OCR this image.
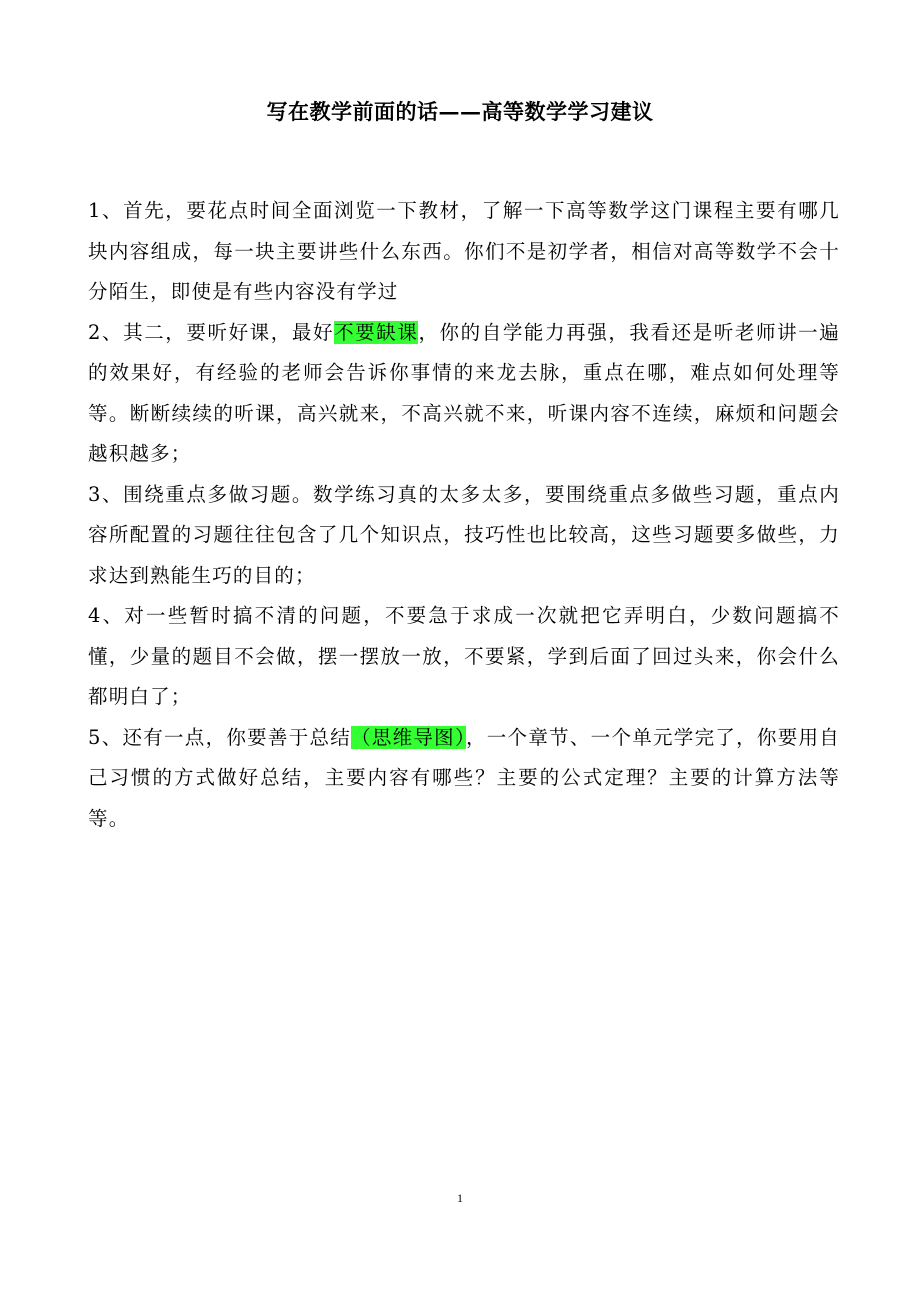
写在教学前面的话——高等数学学习建议

1、首先，要花点时间全面浏览一下教材，了解一下高等数学这门课程主要有哪几块内容组成，每一块主要讲些什么东西。你们不是初学者，相信对高等数学不会十分陌生，即使是有些内容没有学过

2、其二，要听好课，最好不要缺课，你的自学能力再强，我看还是听老师讲一遍的效果好，有经验的老师会告诉你事情的来龙去脉，重点在哪，难点如何处理等等。断断续续的听课，高兴就来，不高兴就不来，听课内容不连续，麻烦和问题会越积越多；

3、围绕重点多做习题。数学练习真的太多太多，要围绕重点多做些习题，重点内容所配置的习题往往包含了几个知识点，技巧性也比较高，这些习题要多做些，力求达到熟能生巧的目的；

4、对一些暂时搞不清的问题，不要急于求成一次就把它弄明白，少数问题搞不懂，少量的题目不会做，摆一摆放一放，不要紧，学到后面了回过头来，你会什么都明白了；

5、还有一点，你要善于总结（思维导图），一个章节、一个单元学完了，你要用自己习惯的方式做好总结，主要内容有哪些？主要的公式定理？主要的计算方法等等。

1
